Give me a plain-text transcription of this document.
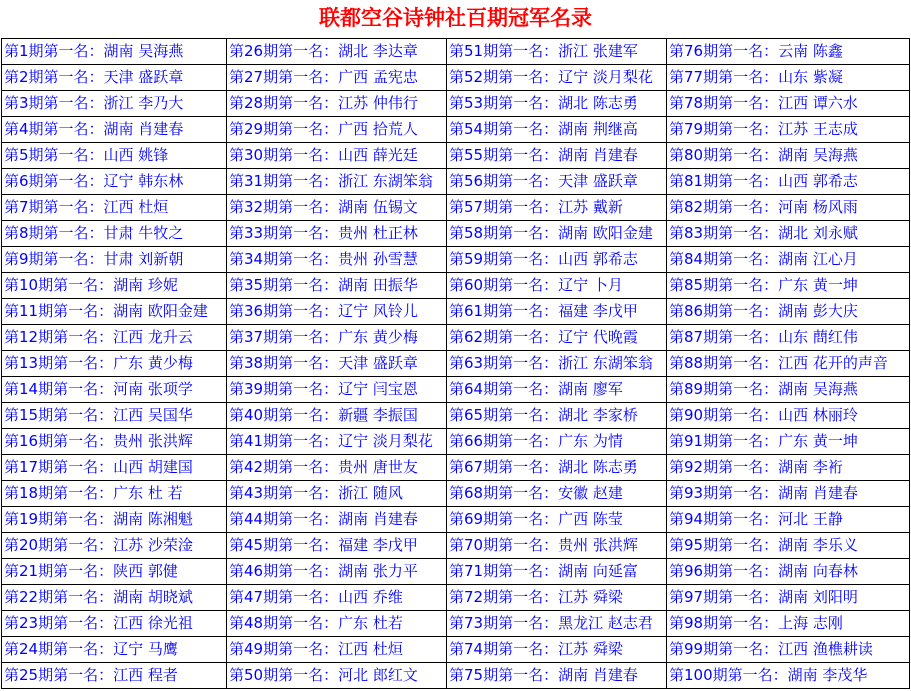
联都空谷诗钟社百期冠军名录
第1期第一名：湖南 吴海燕	第26期第一名：湖北 李达章	第51期第一名：浙江 张建军	第76期第一名：云南 陈鑫
第2期第一名：天津 盛跃章	第27期第一名：广西 孟宪忠	第52期第一名：辽宁 淡月梨花	第77期第一名：山东 紫凝
第3期第一名：浙江 李乃大	第28期第一名：江苏 仲伟行	第53期第一名：湖北 陈志勇	第78期第一名：江西 谭六水
第4期第一名：湖南 肖建春	第29期第一名：广西 拾荒人	第54期第一名：湖南 荆继高	第79期第一名：江苏 王志成
第5期第一名：山西 姚锋	第30期第一名：山西 薛光廷	第55期第一名：湖南 肖建春	第80期第一名：湖南 吴海燕
第6期第一名：辽宁 韩东林	第31期第一名：浙江 东湖笨翁	第56期第一名：天津 盛跃章	第81期第一名：山西 郭希志
第7期第一名：江西 杜烜	第32期第一名：湖南 伍锡文	第57期第一名：江苏 戴新	第82期第一名：河南 杨风雨
第8期第一名：甘肃 牛牧之	第33期第一名：贵州 杜正林	第58期第一名：湖南 欧阳金建	第83期第一名：湖北 刘永赋
第9期第一名：甘肃 刘新朝	第34期第一名：贵州 孙雪慧	第59期第一名：山西 郭希志	第84期第一名：湖南 江心月
第10期第一名：湖南 珍妮	第35期第一名：湖南 田振华	第60期第一名：辽宁 卜月	第85期第一名：广东 黄一坤
第11期第一名：湖南 欧阳金建	第36期第一名：辽宁 风铃儿	第61期第一名：福建 李戊甲	第86期第一名：湖南 彭大庆
第12期第一名：江西 龙升云	第37期第一名：广东 黄少梅	第62期第一名：辽宁 代晚霞	第87期第一名：山东 蔄红伟
第13期第一名：广东 黄少梅	第38期第一名：天津 盛跃章	第63期第一名：浙江 东湖笨翁	第88期第一名：江西 花开的声音
第14期第一名：河南 张项学	第39期第一名：辽宁 闫宝恩	第64期第一名：湖南 廖军	第89期第一名：湖南 吴海燕
第15期第一名：江西 吴国华	第40期第一名：新疆 李振国	第65期第一名：湖北 李家桥	第90期第一名：山西 林丽玲
第16期第一名：贵州 张洪辉	第41期第一名：辽宁 淡月梨花	第66期第一名：广东 为情	第91期第一名：广东 黄一坤
第17期第一名：山西 胡建国	第42期第一名：贵州 唐世友	第67期第一名：湖北 陈志勇	第92期第一名：湖南 李裄
第18期第一名：广东 杜 若	第43期第一名：浙江 随风	第68期第一名：安徽 赵建	第93期第一名：湖南 肖建春
第19期第一名：湖南 陈湘魁	第44期第一名：湖南 肖建春	第69期第一名：广西 陈莹	第94期第一名：河北 王静
第20期第一名：江苏 沙荣淦	第45期第一名：福建 李戊甲	第70期第一名：贵州 张洪辉	第95期第一名：湖南 李乐义
第21期第一名：陕西 郭健	第46期第一名：湖南 张力平	第71期第一名：湖南 向延富	第96期第一名：湖南 向春林
第22期第一名：湖南 胡晓斌	第47期第一名：山西 乔维	第72期第一名：江苏 舜梁	第97期第一名：湖南 刘阳明
第23期第一名：江西 徐光祖	第48期第一名：广东 杜若	第73期第一名：黑龙江 赵志君	第98期第一名：上海 志刚
第24期第一名：辽宁 马鹰	第49期第一名：江西 杜烜	第74期第一名：江苏 舜梁	第99期第一名：江西 渔樵耕读
第25期第一名：江西 程者	第50期第一名：河北 郎红文	第75期第一名：湖南 肖建春	第100期第一名：湖南 李茂华
